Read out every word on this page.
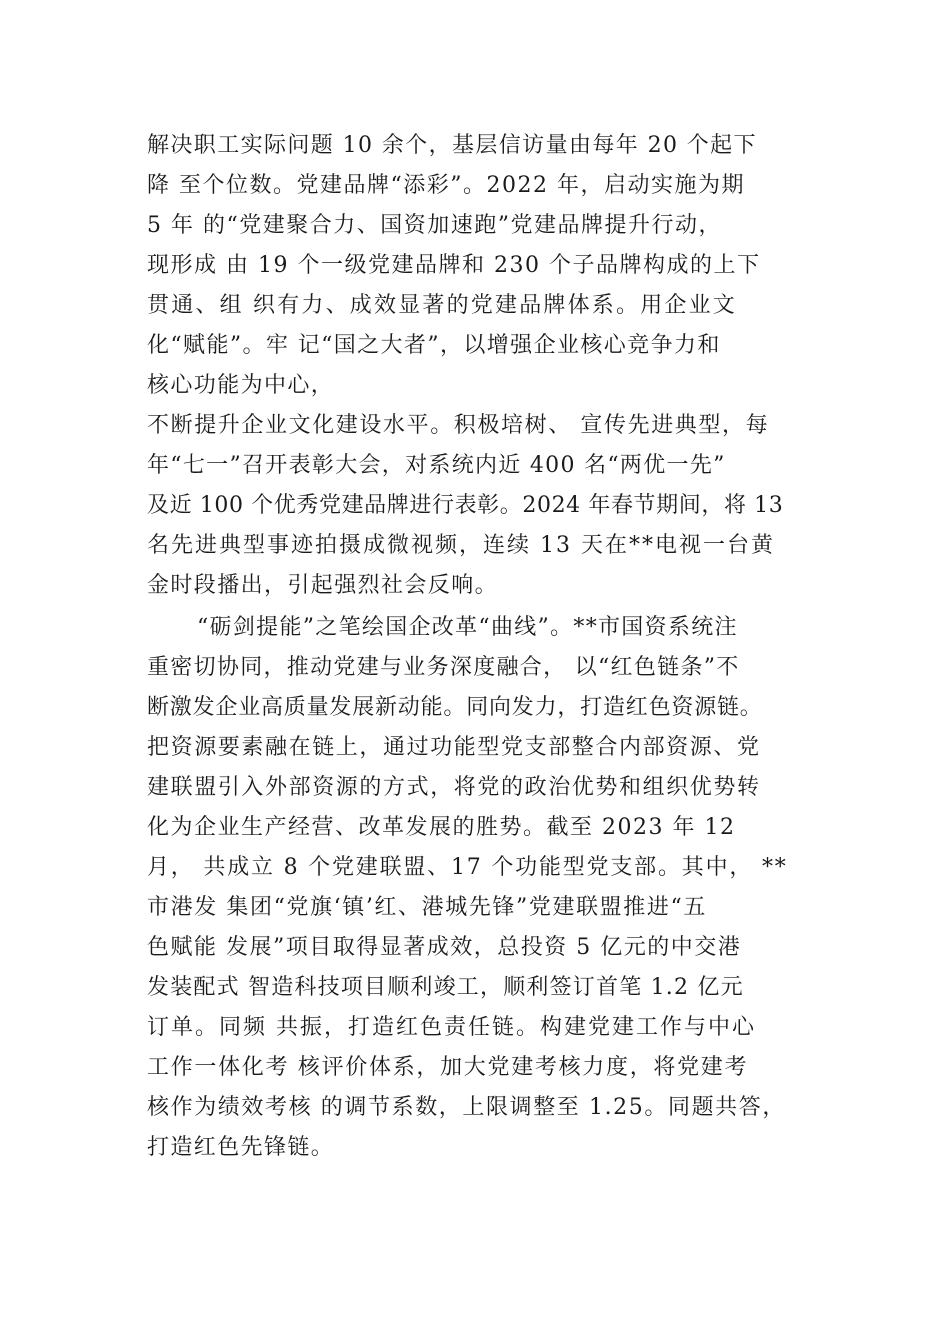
解决职工实际问题 10 余个，基层信访量由每年 20 个起下
降 至个位数。党建品牌“添彩”。2022 年，启动实施为期
5 年 的“党建聚合力、国资加速跑”党建品牌提升行动，
现形成 由 19 个一级党建品牌和 230 个子品牌构成的上下
贯通、组 织有力、成效显著的党建品牌体系。用企业文
化“赋能”。牢 记“国之大者”，以增强企业核心竞争力和
核心功能为中心，
不断提升企业文化建设水平。积极培树、 宣传先进典型，每
年“七一”召开表彰大会，对系统内近 400 名“两优一先”
及近 100 个优秀党建品牌进行表彰。2024 年春节期间，将 13
名先进典型事迹拍摄成微视频，连续 13 天在**电视一台黄
金时段播出，引起强烈社会反响。
“砺剑提能”之笔绘国企改革“曲线”。**市国资系统注
重密切协同，推动党建与业务深度融合， 以“红色链条”不
断激发企业高质量发展新动能。同向发力，打造红色资源链。
把资源要素融在链上，通过功能型党支部整合内部资源、党
建联盟引入外部资源的方式，将党的政治优势和组织优势转
化为企业生产经营、改革发展的胜势。截至 2023 年 12
月， 共成立 8 个党建联盟、17 个功能型党支部。其中， **
市港发 集团“党旗‘镇’红、港城先锋”党建联盟推进“五
色赋能 发展”项目取得显著成效，总投资 5 亿元的中交港
发装配式 智造科技项目顺利竣工，顺利签订首笔 1.2 亿元
订单。同频 共振，打造红色责任链。构建党建工作与中心
工作一体化考 核评价体系，加大党建考核力度，将党建考
核作为绩效考核 的调节系数，上限调整至 1.25。同题共答，
打造红色先锋链。
